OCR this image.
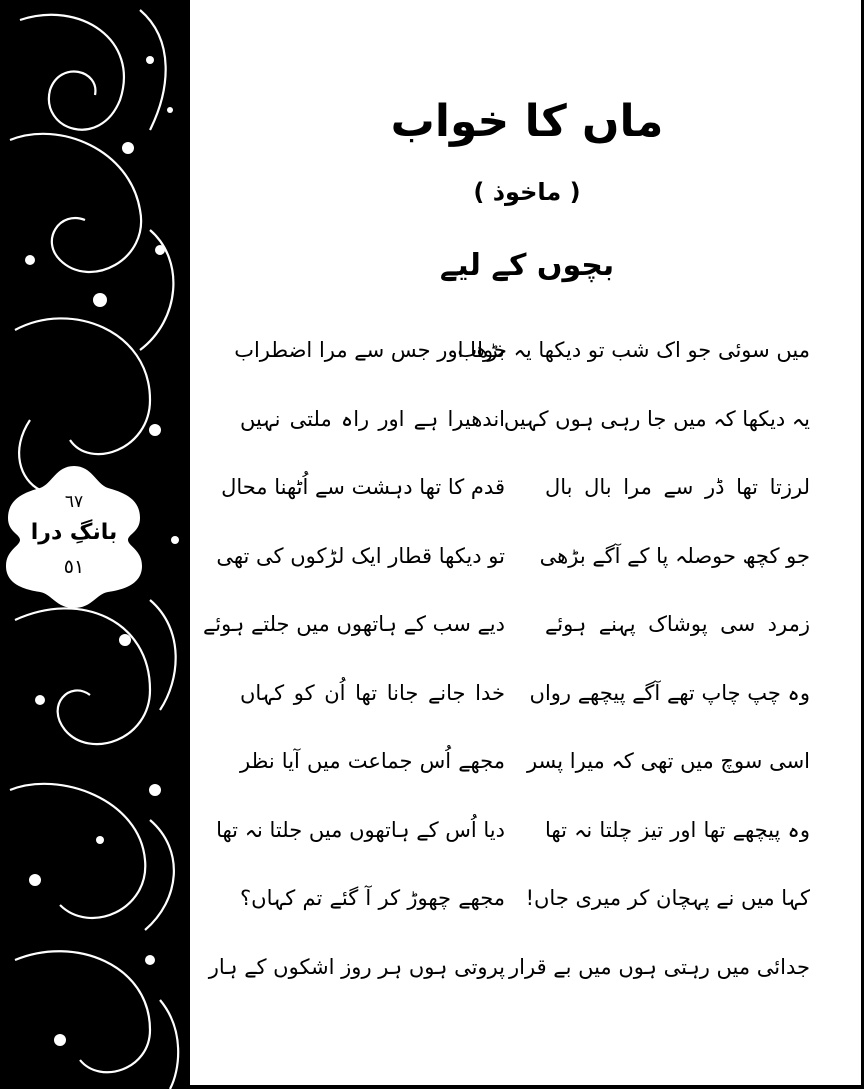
٦٧
بانگِ درا
٥١
ماں کا خواب
( ماخوذ )
بچوں کے لیے
میں سوئی جو اک شب تو دیکھا یہ خواب
بڑھا اور جس سے مرا اضطراب
یہ دیکھا کہ میں جا رہی ہوں کہیں
اندھیرا ہے اور راہ ملتی نہیں
لرزتا تھا ڈر سے مرا بال بال
قدم کا تھا دہشت سے اُٹھنا محال
جو کچھ حوصلہ پا کے آگے بڑھی
تو دیکھا قطار ایک لڑکوں کی تھی
زمرد سی پوشاک پہنے ہوئے
دیے سب کے ہاتھوں میں جلتے ہوئے
وہ چپ چاپ تھے آگے پیچھے رواں
خدا جانے جانا تھا اُن کو کہاں
اسی سوچ میں تھی کہ میرا پسر
مجھے اُس جماعت میں آیا نظر
وہ پیچھے تھا اور تیز چلتا نہ تھا
دیا اُس کے ہاتھوں میں جلتا نہ تھا
کہا میں نے پہچان کر میری جاں!
مجھے چھوڑ کر آ گئے تم کہاں؟
جدائی میں رہتی ہوں میں بے قرار
پروتی ہوں ہر روز اشکوں کے ہار
